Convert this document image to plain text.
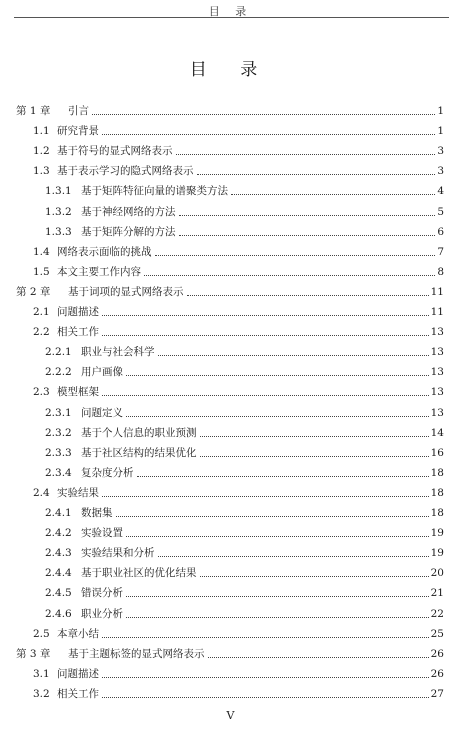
目 录
目 录
第 1 章	引言	1
1.1 研究背景	1
1.2 基于符号的显式网络表示	3
1.3 基于表示学习的隐式网络表示	3
1.3.1 基于矩阵特征向量的谱聚类方法	4
1.3.2 基于神经网络的方法	5
1.3.3 基于矩阵分解的方法	6
1.4 网络表示面临的挑战	7
1.5 本文主要工作内容	8
第 2 章	基于词项的显式网络表示	11
2.1 问题描述	11
2.2 相关工作	13
2.2.1 职业与社会科学	13
2.2.2 用户画像	13
2.3 模型框架	13
2.3.1 问题定义	13
2.3.2 基于个人信息的职业预测	14
2.3.3 基于社区结构的结果优化	16
2.3.4 复杂度分析	18
2.4 实验结果	18
2.4.1 数据集	18
2.4.2 实验设置	19
2.4.3 实验结果和分析	19
2.4.4 基于职业社区的优化结果	20
2.4.5 错误分析	21
2.4.6 职业分析	22
2.5 本章小结	25
第 3 章	基于主题标签的显式网络表示	26
3.1 问题描述	26
3.2 相关工作	27
V
